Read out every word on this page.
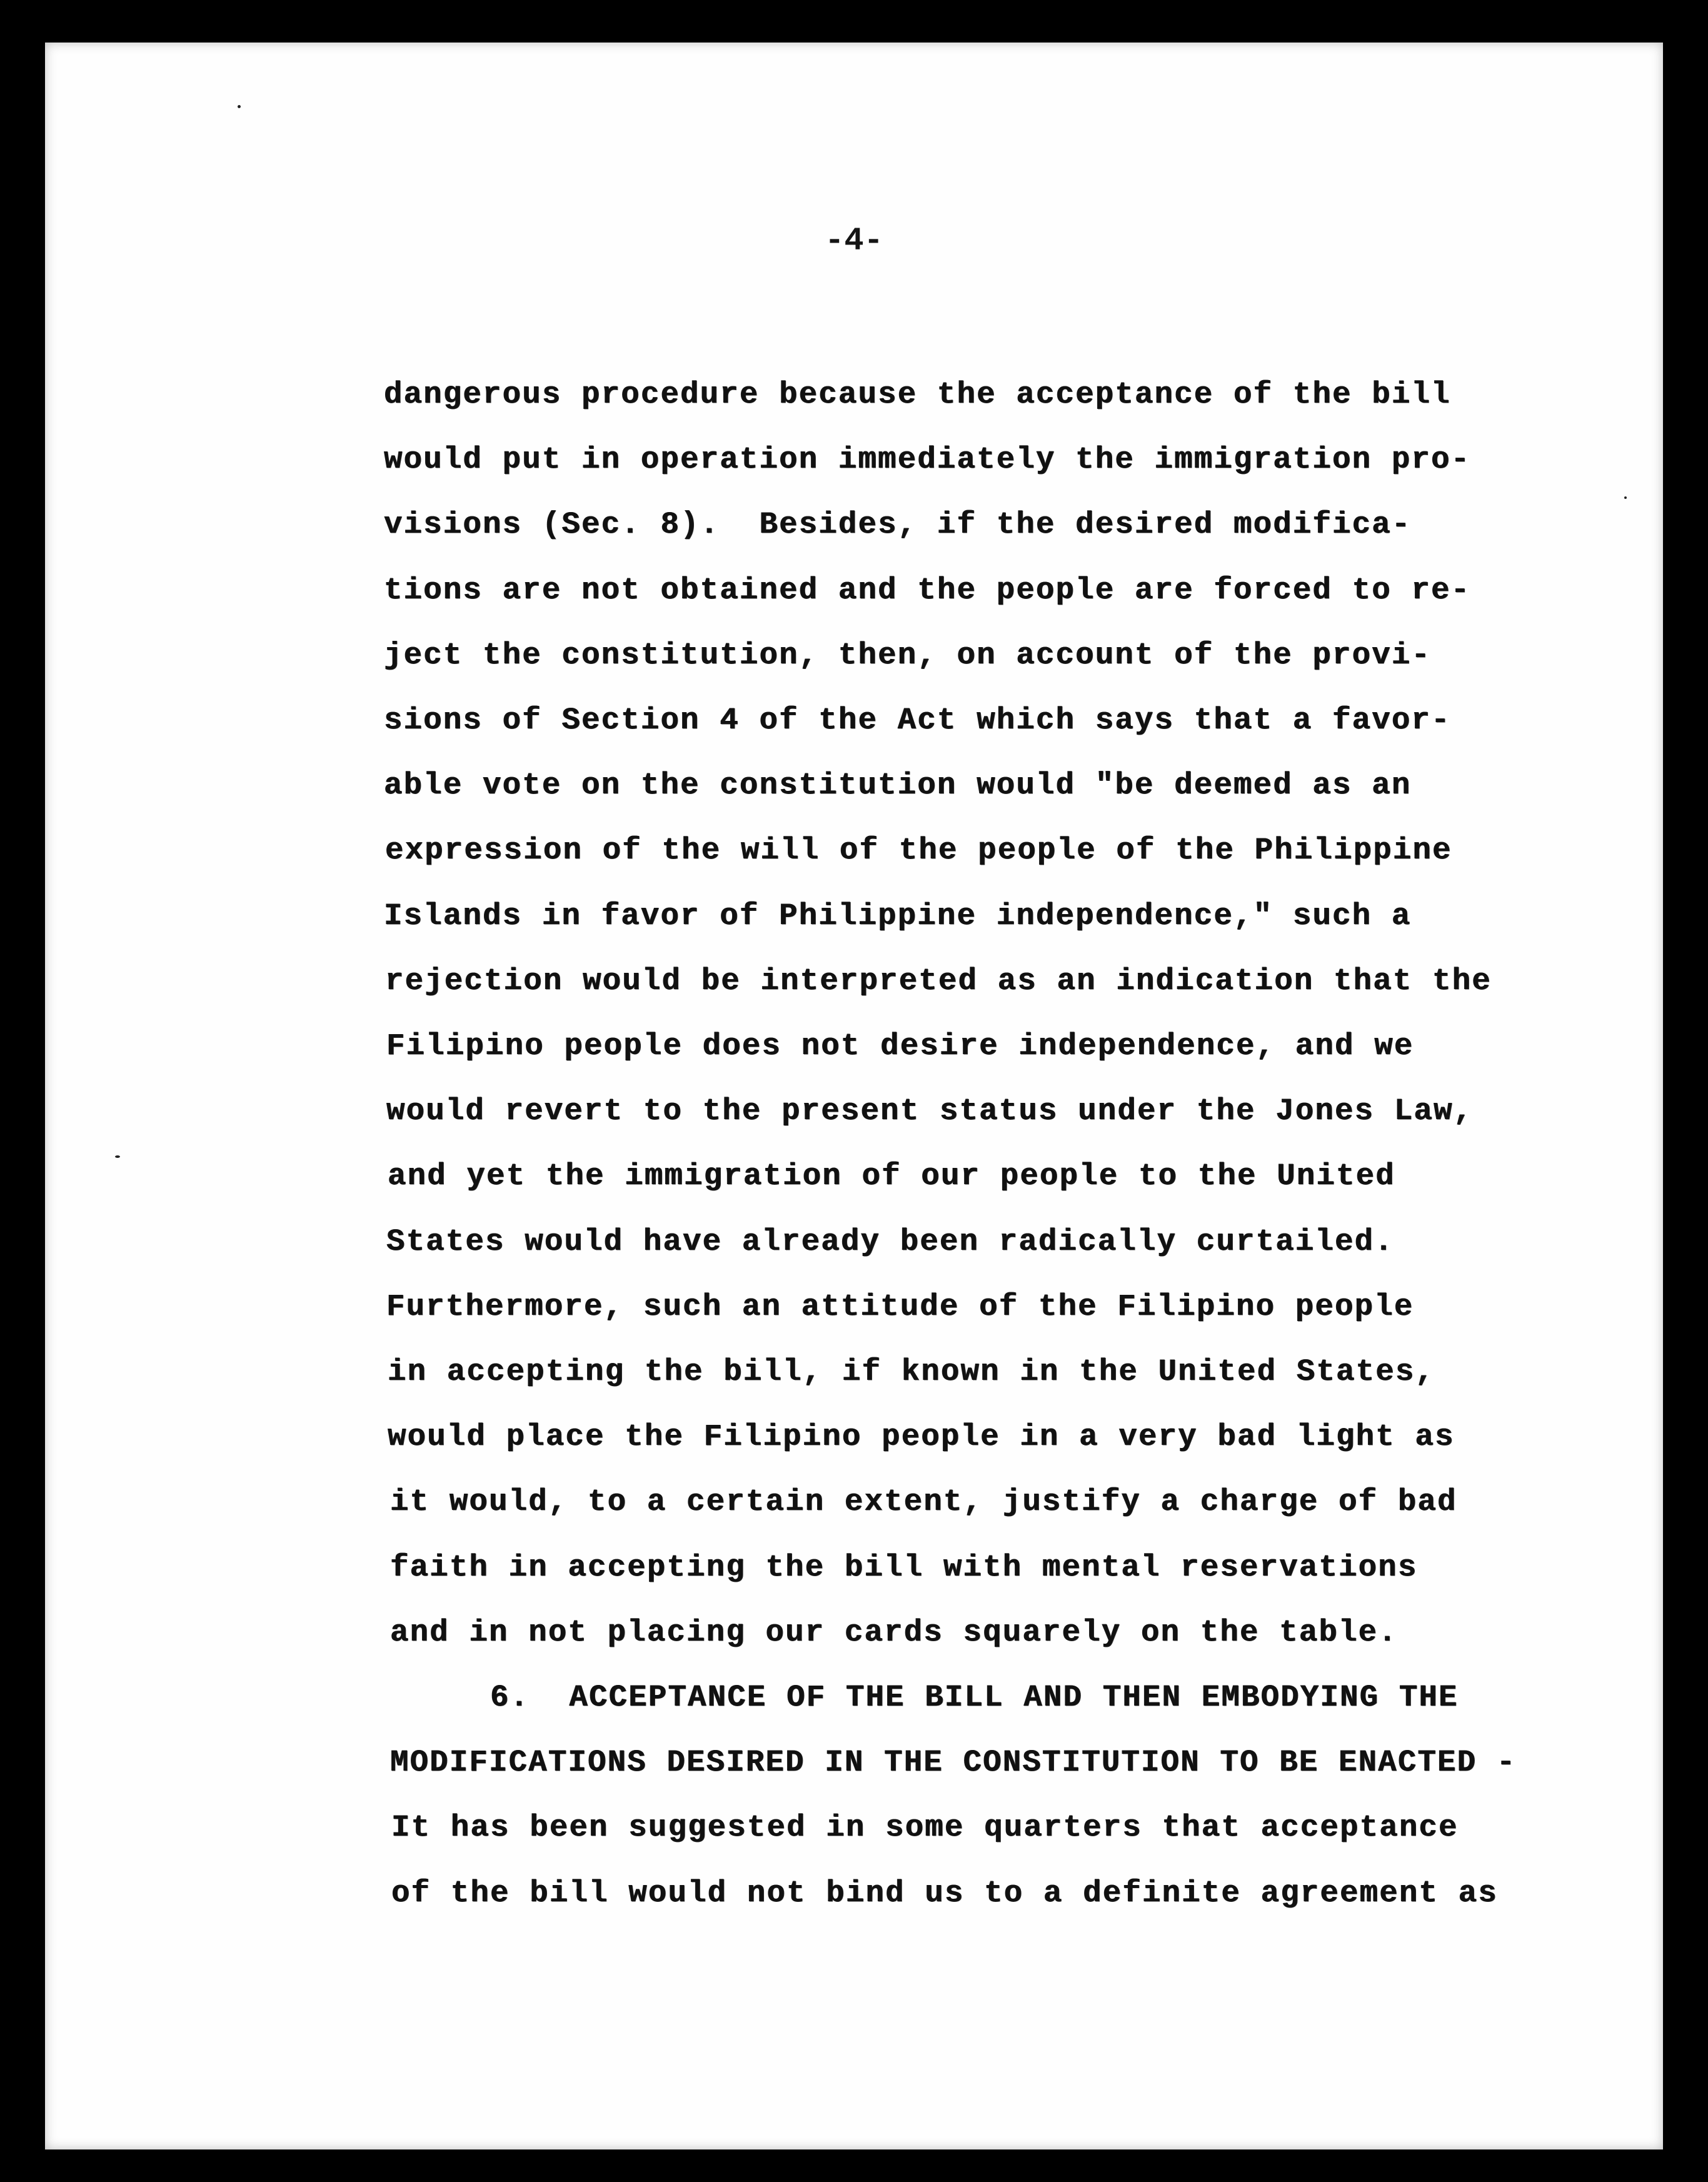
-4-
dangerous procedure because the acceptance of the bill
would put in operation immediately the immigration pro-
visions (Sec. 8).  Besides, if the desired modifica-
tions are not obtained and the people are forced to re-
ject the constitution, then, on account of the provi-
sions of Section 4 of the Act which says that a favor-
able vote on the constitution would "be deemed as an
expression of the will of the people of the Philippine
Islands in favor of Philippine independence," such a
rejection would be interpreted as an indication that the
Filipino people does not desire independence, and we
would revert to the present status under the Jones Law,
and yet the immigration of our people to the United
States would have already been radically curtailed.
Furthermore, such an attitude of the Filipino people
in accepting the bill, if known in the United States,
would place the Filipino people in a very bad light as
it would, to a certain extent, justify a charge of bad
faith in accepting the bill with mental reservations
and in not placing our cards squarely on the table.
6.  ACCEPTANCE OF THE BILL AND THEN EMBODYING THE
MODIFICATIONS DESIRED IN THE CONSTITUTION TO BE ENACTED -
It has been suggested in some quarters that acceptance
of the bill would not bind us to a definite agreement as
